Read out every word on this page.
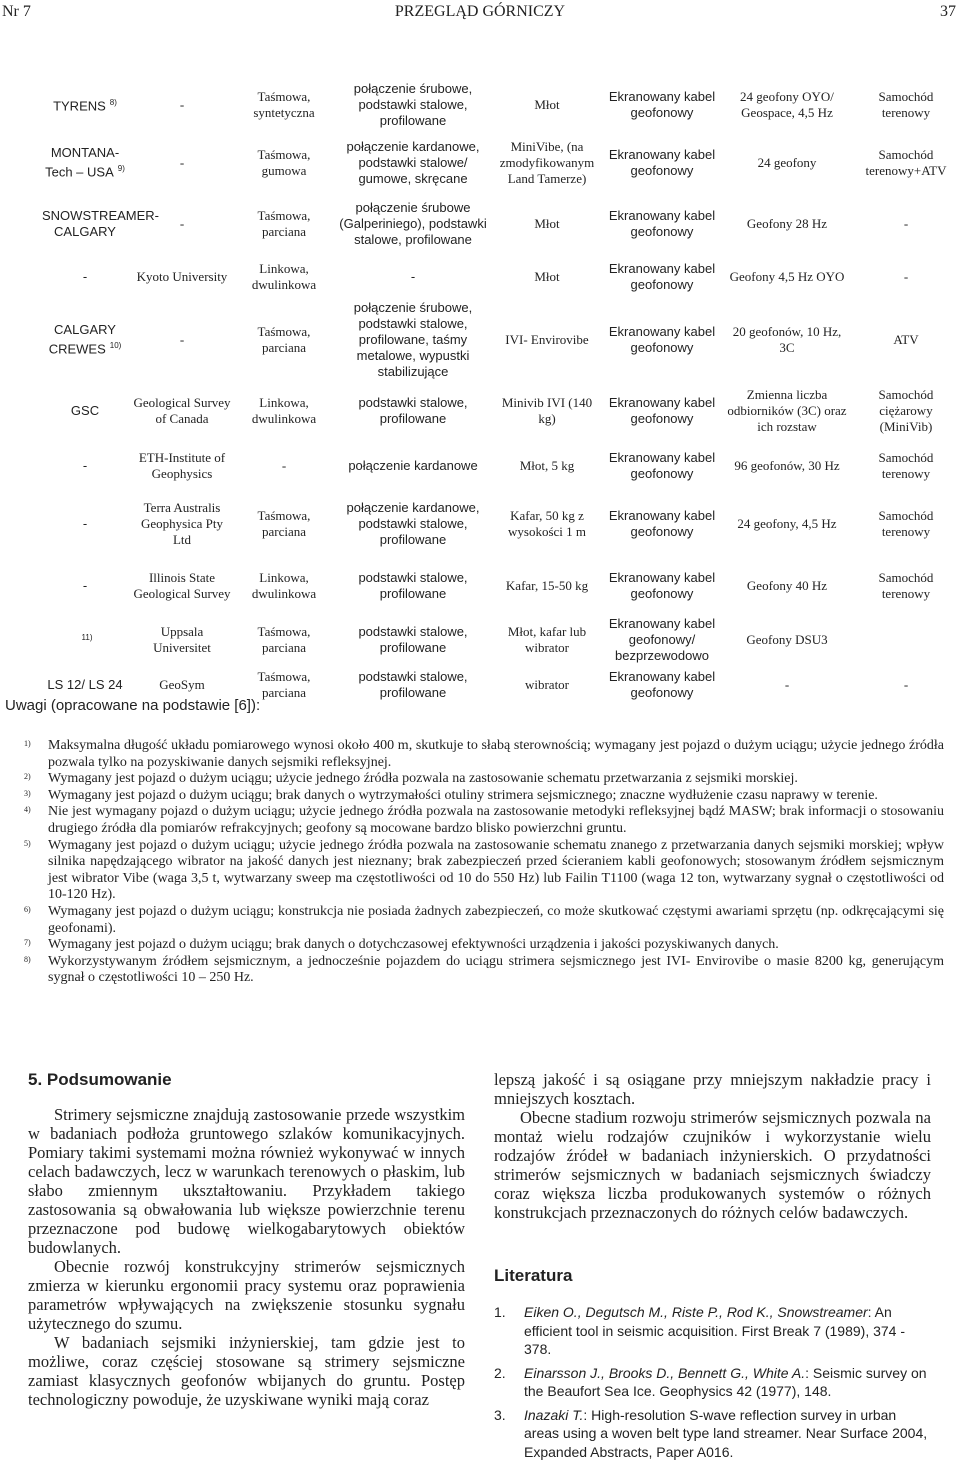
Nr 7	PRZEGLĄD GÓRNICZY	37
TYRENS $^{8)}$	-	Taśmowa, syntetyczna	połączenie śrubowe, podstawki stalowe, profilowane	Młot	Ekranowany kabel geofonowy	24 geofony OYO/ Geospace, 4,5 Hz	Samochód terenowy
MONTANA-Tech – USA $^{9)}$	-	Taśmowa, gumowa	połączenie kardanowe, podstawki stalowe/ gumowe, skręcane	MiniVibe, (na zmodyfikowanym Land Tamerze)	Ekranowany kabel geofonowy	24 geofony	Samochód terenowy+ATV
SNOWSTREAMER-CALGARY	-	Taśmowa, parciana	połączenie śrubowe (Galperiniego), podstawki stalowe, profilowane	Młot	Ekranowany kabel geofonowy	Geofony 28 Hz	-
-	Kyoto University	Linkowa, dwulinkowa	-	Młot	Ekranowany kabel geofonowy	Geofony 4,5 Hz OYO	-
CALGARY CREWES $^{10)}$	-	Taśmowa, parciana	połączenie śrubowe, podstawki stalowe, profilowane, taśmy metalowe, wypustki stabilizujące	IVI- Envirovibe	Ekranowany kabel geofonowy	20 geofonów, 10 Hz, 3C	ATV
GSC	Geological Survey of Canada	Linkowa, dwulinkowa	podstawki stalowe, profilowane	Minivib IVI (140 kg)	Ekranowany kabel geofonowy	Zmienna liczba odbiorników (3C) oraz ich rozstaw	Samochód ciężarowy (MiniVib)
-	ETH-Institute of Geophysics	-	połączenie kardanowe	Młot, 5 kg	Ekranowany kabel geofonowy	96 geofonów, 30 Hz	Samochód terenowy
-	Terra Australis Geophysica Pty Ltd	Taśmowa, parciana	połączenie kardanowe, podstawki stalowe, profilowane	Kafar, 50 kg z wysokości 1 m	Ekranowany kabel geofonowy	24 geofony, 4,5 Hz	Samochód terenowy
-	Illinois State Geological Survey	Linkowa, dwulinkowa	podstawki stalowe, profilowane	Kafar, 15-50 kg	Ekranowany kabel geofonowy	Geofony 40 Hz	Samochód terenowy
$^{11)}$	Uppsala Universitet	Taśmowa, parciana	podstawki stalowe, profilowane	Młot, kafar lub wibrator	Ekranowany kabel geofonowy/ bezprzewodowo	Geofony DSU3	
LS 12/ LS 24	GeoSym	Taśmowa, parciana	podstawki stalowe, profilowane	wibrator	Ekranowany kabel geofonowy	-	-
Uwagi (opracowane na podstawie [6]):
1) Maksymalna długość układu pomiarowego wynosi około 400 m, skutkuje to słabą sterownością; wymagany jest pojazd o dużym uciągu; użycie jednego źródła pozwala tylko na pozyskiwanie danych sejsmiki refleksyjnej.
2) Wymagany jest pojazd o dużym uciągu; użycie jednego źródła pozwala na zastosowanie schematu przetwarzania z sejsmiki morskiej.
3) Wymagany jest pojazd o dużym uciągu; brak danych o wytrzymałości otuliny strimera sejsmicznego; znaczne wydłużenie czasu naprawy w terenie.
4) Nie jest wymagany pojazd o dużym uciągu; użycie jednego źródła pozwala na zastosowanie metodyki refleksyjnej bądź MASW; brak informacji o stosowaniu drugiego źródła dla pomiarów refrakcyjnych; geofony są mocowane bardzo blisko powierzchni gruntu.
5) Wymagany jest pojazd o dużym uciągu; użycie jednego źródła pozwala na zastosowanie schematu znanego z przetwarzania danych sejsmiki morskiej; wpływ silnika napędzającego wibrator na jakość danych jest nieznany; brak zabezpieczeń przed ścieraniem kabli geofonowych; stosowanym źródłem sejsmicznym jest wibrator Vibe (waga 3,5 t, wytwarzany sweep ma częstotliwości od 10 do 550 Hz) lub Failin T1100 (waga 12 ton, wytwarzany sygnał o częstotliwości od 10-120 Hz).
6) Wymagany jest pojazd o dużym uciągu; konstrukcja nie posiada żadnych zabezpieczeń, co może skutkować częstymi awariami sprzętu (np. odkręcającymi się geofonami).
7) Wymagany jest pojazd o dużym uciągu; brak danych o dotychczasowej efektywności urządzenia i jakości pozyskiwanych danych.
8) Wykorzystywanym źródłem sejsmicznym, a jednocześnie pojazdem do uciągu strimera sejsmicznego jest IVI- Envirovibe o masie 8200 kg, generującym sygnał o częstotliwości 10 – 250 Hz.
5. Podsumowanie
Strimery sejsmiczne znajdują zastosowanie przede wszystkim w badaniach podłoża gruntowego szlaków komunikacyjnych. Pomiary takimi systemami można również wykonywać w innych celach badawczych, lecz w warunkach terenowych o płaskim, lub słabo zmiennym ukształtowaniu. Przykładem takiego zastosowania są obwałowania lub większe powierzchnie terenu przeznaczone pod budowę wielkogabarytowych obiektów budowlanych.
Obecnie rozwój konstrukcyjny strimerów sejsmicznych zmierza w kierunku ergonomii pracy systemu oraz poprawienia parametrów wpływających na zwiększenie stosunku sygnału użytecznego do szumu.
W badaniach sejsmiki inżynierskiej, tam gdzie jest to możliwe, coraz częściej stosowane są strimery sejsmiczne zamiast klasycznych geofonów wbijanych do gruntu. Postęp technologiczny powoduje, że uzyskiwane wyniki mają coraz
lepszą jakość i są osiągane przy mniejszym nakładzie pracy i mniejszych kosztach.
Obecne stadium rozwoju strimerów sejsmicznych pozwala na montaż wielu rodzajów czujników i wykorzystanie wielu rodzajów źródeł w badaniach inżynierskich. O przydatności strimerów sejsmicznych w badaniach sejsmicznych świadczy coraz większa liczba produkowanych systemów o różnych konstrukcjach przeznaczonych do różnych celów badawczych.
Literatura
1. Eiken O., Degutsch M., Riste P., Rod K., Snowstreamer: An efficient tool in seismic acquisition. First Break 7 (1989), 374 - 378.
2. Einarsson J., Brooks D., Bennett G., White A.: Seismic survey on the Beaufort Sea Ice. Geophysics 42 (1977), 148.
3. Inazaki T.: High-resolution S-wave reflection survey in urban areas using a woven belt type land streamer. Near Surface 2004, Expanded Abstracts, Paper A016.
